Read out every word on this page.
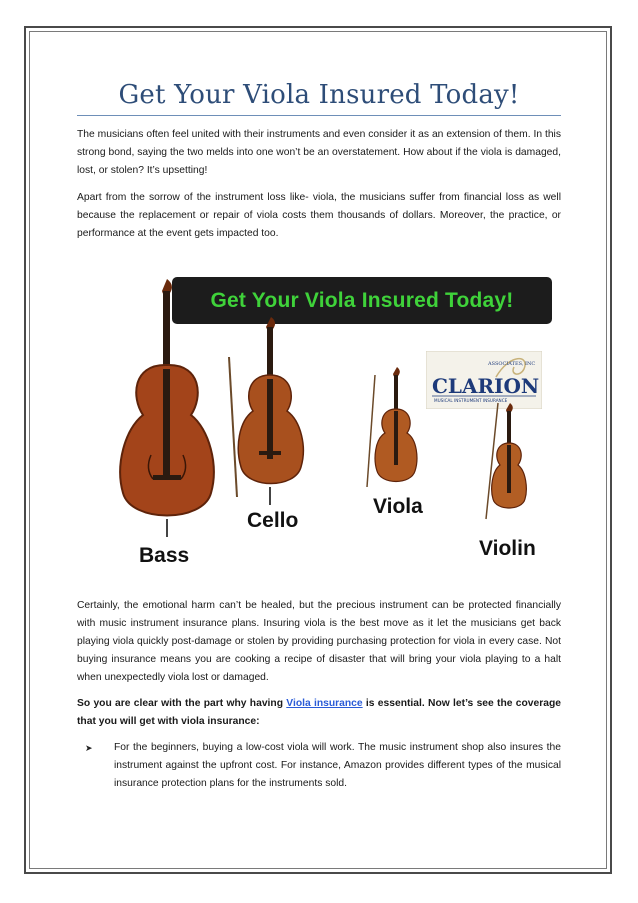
Get Your Viola Insured Today!

The musicians often feel united with their instruments and even consider it as an extension of them. In this strong bond, saying the two melds into one won’t be an overstatement. How about if the viola is damaged, lost, or stolen? It’s upsetting!

Apart from the sorrow of the instrument loss like- viola, the musicians suffer from financial loss as well because the replacement or repair of viola costs them thousands of dollars. Moreover, the practice, or performance at the event gets impacted too.

Get Your Viola Insured Today!
ASSOCIATES, INC
CLARION
MUSICAL INSTRUMENT INSURANCE
Bass
Cello
Viola
Violin

Certainly, the emotional harm can’t be healed, but the precious instrument can be protected financially with music instrument insurance plans. Insuring viola is the best move as it let the musicians get back playing viola quickly post-damage or stolen by providing purchasing protection for viola in every case. Not buying insurance means you are cooking a recipe of disaster that will bring your viola playing to a halt when unexpectedly viola lost or damaged.

So you are clear with the part why having Viola insurance is essential. Now let’s see the coverage that you will get with viola insurance:

➤	For the beginners, buying a low-cost viola will work. The music instrument shop also insures the instrument against the upfront cost. For instance, Amazon provides different types of the musical insurance protection plans for the instruments sold.
